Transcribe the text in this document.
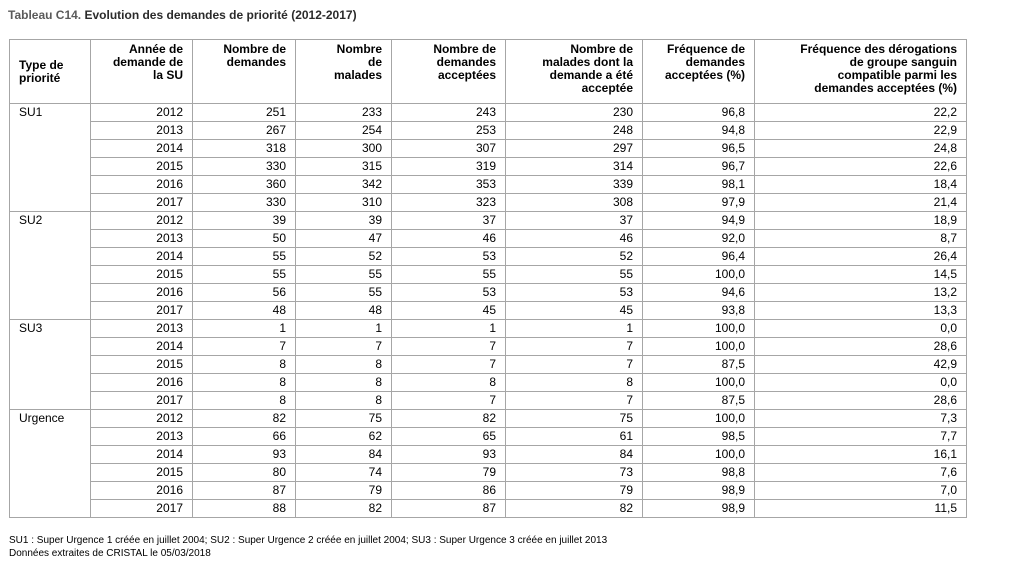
Tableau C14. Evolution des demandes de priorité (2012-2017)
Type de
priorité	Année de
demande de
la SU	Nombre de
demandes	Nombre
de
malades	Nombre de
demandes
acceptées	Nombre de
malades dont la
demande a été
acceptée	Fréquence de
demandes
acceptées (%)	Fréquence des dérogations
de groupe sanguin
compatible parmi les
demandes acceptées (%)
SU1	2012	251	233	243	230	96,8	22,2
	2013	267	254	253	248	94,8	22,9
	2014	318	300	307	297	96,5	24,8
	2015	330	315	319	314	96,7	22,6
	2016	360	342	353	339	98,1	18,4
	2017	330	310	323	308	97,9	21,4
SU2	2012	39	39	37	37	94,9	18,9
	2013	50	47	46	46	92,0	8,7
	2014	55	52	53	52	96,4	26,4
	2015	55	55	55	55	100,0	14,5
	2016	56	55	53	53	94,6	13,2
	2017	48	48	45	45	93,8	13,3
SU3	2013	1	1	1	1	100,0	0,0
	2014	7	7	7	7	100,0	28,6
	2015	8	8	7	7	87,5	42,9
	2016	8	8	8	8	100,0	0,0
	2017	8	8	7	7	87,5	28,6
Urgence	2012	82	75	82	75	100,0	7,3
	2013	66	62	65	61	98,5	7,7
	2014	93	84	93	84	100,0	16,1
	2015	80	74	79	73	98,8	7,6
	2016	87	79	86	79	98,9	7,0
	2017	88	82	87	82	98,9	11,5
SU1 : Super Urgence 1 créée en juillet 2004; SU2 : Super Urgence 2 créée en juillet 2004; SU3 : Super Urgence 3 créée en juillet 2013
Données extraites de CRISTAL le 05/03/2018
